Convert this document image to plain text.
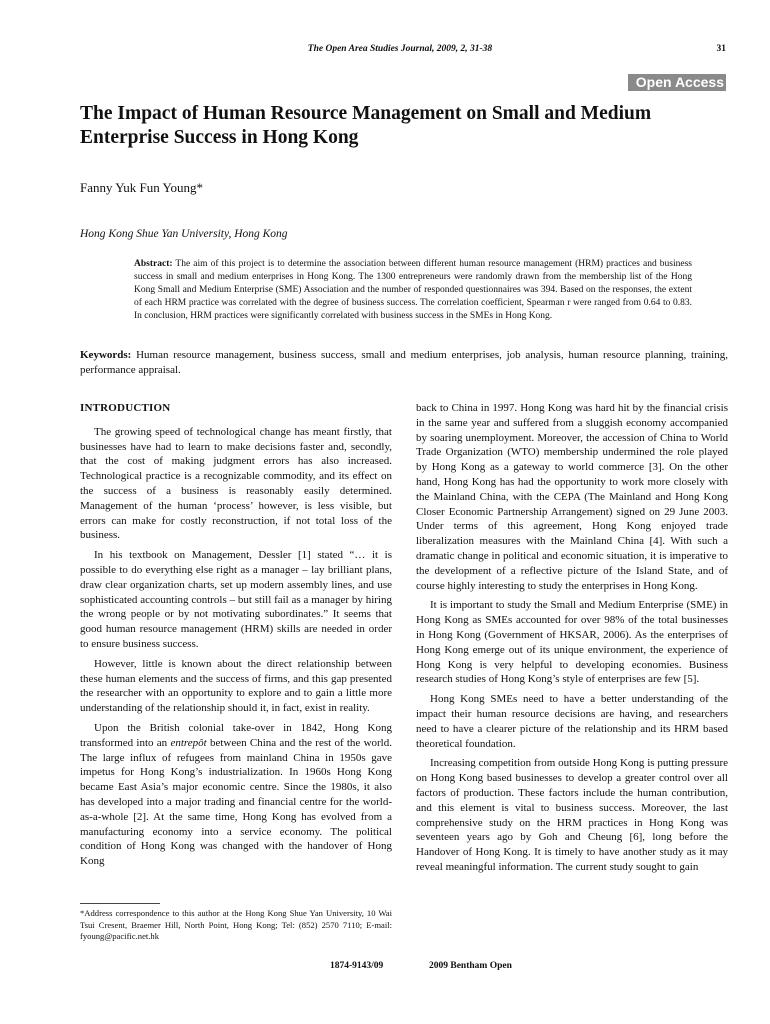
The Open Area Studies Journal, 2009, 2, 31-38	31
Open Access
The Impact of Human Resource Management on Small and Medium Enterprise Success in Hong Kong
Fanny Yuk Fun Young*
Hong Kong Shue Yan University, Hong Kong
Abstract: The aim of this project is to determine the association between different human resource management (HRM) practices and business success in small and medium enterprises in Hong Kong. The 1300 entrepreneurs were randomly drawn from the membership list of the Hong Kong Small and Medium Enterprise (SME) Association and the number of responded questionnaires was 394. Based on the responses, the extent of each HRM practice was correlated with the degree of business success. The correlation coefficient, Spearman r were ranged from 0.64 to 0.83. In conclusion, HRM practices were significantly correlated with business success in the SMEs in Hong Kong.
Keywords: Human resource management, business success, small and medium enterprises, job analysis, human resource planning, training, performance appraisal.
INTRODUCTION

The growing speed of technological change has meant firstly, that businesses have had to learn to make decisions faster and, secondly, that the cost of making judgment errors has also increased. Technological practice is a recognizable commodity, and its effect on the success of a business is reasonably easily determined. Management of the human ‘process’ however, is less visible, but errors can make for costly reconstruction, if not total loss of the business.

In his textbook on Management, Dessler [1] stated “… it is possible to do everything else right as a manager – lay brilliant plans, draw clear organization charts, set up modern assembly lines, and use sophisticated accounting controls – but still fail as a manager by hiring the wrong people or by not motivating subordinates.” It seems that good human resource management (HRM) skills are needed in order to ensure business success.

However, little is known about the direct relationship between these human elements and the success of firms, and this gap presented the researcher with an opportunity to explore and to gain a little more understanding of the relationship should it, in fact, exist in reality.

Upon the British colonial take-over in 1842, Hong Kong transformed into an entrepôt between China and the rest of the world. The large influx of refugees from mainland China in 1950s gave impetus for Hong Kong’s industrialization. In 1960s Hong Kong became East Asia’s major economic centre. Since the 1980s, it also has developed into a major trading and financial centre for the world-as-a-whole [2]. At the same time, Hong Kong has evolved from a manufacturing economy into a service economy. The political condition of Hong Kong was changed with the handover of Hong Kong

back to China in 1997. Hong Kong was hard hit by the financial crisis in the same year and suffered from a sluggish economy accompanied by soaring unemployment. Moreover, the accession of China to World Trade Organization (WTO) membership undermined the role played by Hong Kong as a gateway to world commerce [3]. On the other hand, Hong Kong has had the opportunity to work more closely with the Mainland China, with the CEPA (The Mainland and Hong Kong Closer Economic Partnership Arrangement) signed on 29 June 2003. Under terms of this agreement, Hong Kong enjoyed trade liberalization measures with the Mainland China [4]. With such a dramatic change in political and economic situation, it is imperative to the development of a reflective picture of the Island State, and of course highly interesting to study the enterprises in Hong Kong.

It is important to study the Small and Medium Enterprise (SME) in Hong Kong as SMEs accounted for over 98% of the total businesses in Hong Kong (Government of HKSAR, 2006). As the enterprises of Hong Kong emerge out of its unique environment, the experience of Hong Kong is very helpful to developing economies. Business research studies of Hong Kong’s style of enterprises are few [5].

Hong Kong SMEs need to have a better understanding of the impact their human resource decisions are having, and researchers need to have a clearer picture of the relationship and its HRM based theoretical foundation.

Increasing competition from outside Hong Kong is putting pressure on Hong Kong based businesses to develop a greater control over all factors of production. These factors include the human contribution, and this element is vital to business success. Moreover, the last comprehensive study on the HRM practices in Hong Kong was seventeen years ago by Goh and Cheung [6], long before the Handover of Hong Kong. It is timely to have another study as it may reveal meaningful information. The current study sought to gain

*Address correspondence to this author at the Hong Kong Shue Yan University, 10 Wai Tsui Cresent, Braemer Hill, North Point, Hong Kong; Tel: (852) 2570 7110; E-mail: fyoung@pacific.net.hk
1874-9143/09	2009 Bentham Open
